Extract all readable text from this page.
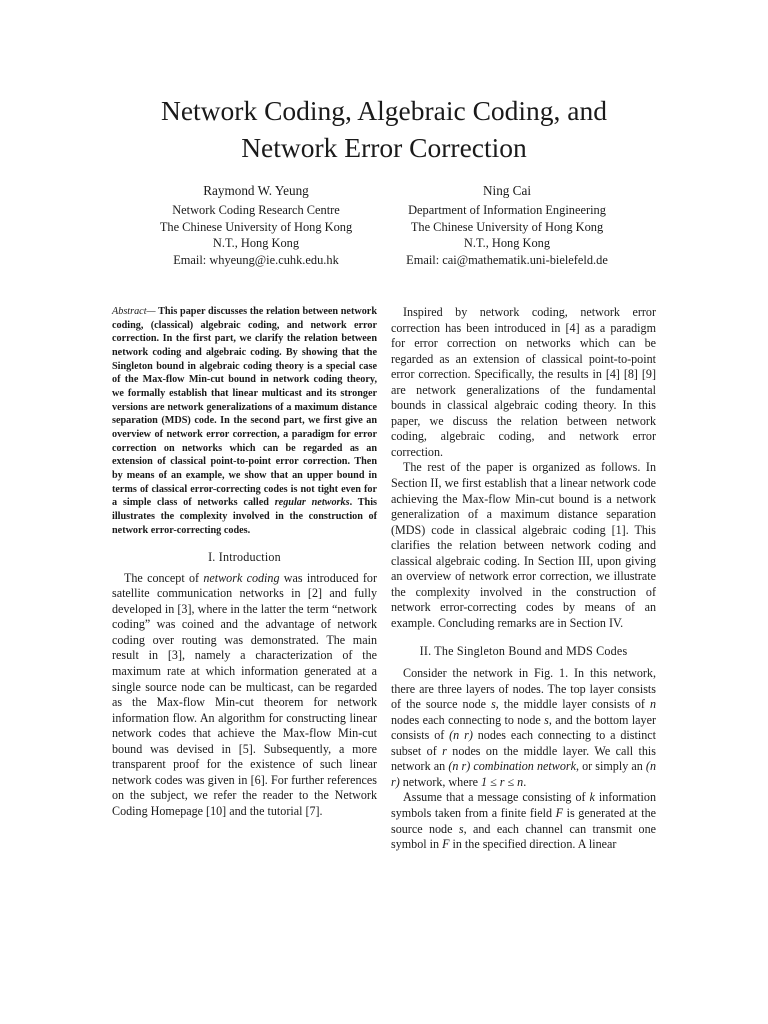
Network Coding, Algebraic Coding, and
Network Error Correction
Raymond W. Yeung
Network Coding Research Centre
The Chinese University of Hong Kong
N.T., Hong Kong
Email: whyeung@ie.cuhk.edu.hk
Ning Cai
Department of Information Engineering
The Chinese University of Hong Kong
N.T., Hong Kong
Email: cai@mathematik.uni-bielefeld.de

Abstract— This paper discusses the relation between network coding, (classical) algebraic coding, and network error correction. In the first part, we clarify the relation between network coding and algebraic coding. By showing that the Singleton bound in algebraic coding theory is a special case of the Max-flow Min-cut bound in network coding theory, we formally establish that linear multicast and its stronger versions are network generalizations of a maximum distance separation (MDS) code. In the second part, we first give an overview of network error correction, a paradigm for error correction on networks which can be regarded as an extension of classical point-to-point error correction. Then by means of an example, we show that an upper bound in terms of classical error-correcting codes is not tight even for a simple class of networks called regular networks. This illustrates the complexity involved in the construction of network error-correcting codes.

I. Introduction

The concept of network coding was introduced for satellite communication networks in [2] and fully developed in [3], where in the latter the term “network coding” was coined and the advantage of network coding over routing was demonstrated. The main result in [3], namely a characterization of the maximum rate at which information generated at a single source node can be multicast, can be regarded as the Max-flow Min-cut theorem for network information flow. An algorithm for constructing linear network codes that achieve the Max-flow Min-cut bound was devised in [5]. Subsequently, a more transparent proof for the existence of such linear network codes was given in [6]. For further references on the subject, we refer the reader to the Network Coding Homepage [10] and the tutorial [7].

Inspired by network coding, network error correction has been introduced in [4] as a paradigm for error correction on networks which can be regarded as an extension of classical point-to-point error correction. Specifically, the results in [4] [8] [9] are network generalizations of the fundamental bounds in classical algebraic coding theory. In this paper, we discuss the relation between network coding, algebraic coding, and network error correction.

The rest of the paper is organized as follows. In Section II, we first establish that a linear network code achieving the Max-flow Min-cut bound is a network generalization of a maximum distance separation (MDS) code in classical algebraic coding [1]. This clarifies the relation between network coding and classical algebraic coding. In Section III, upon giving an overview of network error correction, we illustrate the complexity involved in the construction of network error-correcting codes by means of an example. Concluding remarks are in Section IV.

II. The Singleton Bound and MDS Codes

Consider the network in Fig. 1. In this network, there are three layers of nodes. The top layer consists of the source node s, the middle layer consists of n nodes each connecting to node s, and the bottom layer consists of (n r) nodes each connecting to a distinct subset of r nodes on the middle layer. We call this network an (n r) combination network, or simply an (n r) network, where 1 ≤ r ≤ n.

Assume that a message consisting of k information symbols taken from a finite field F is generated at the source node s, and each channel can transmit one symbol in F in the specified direction. A linear
